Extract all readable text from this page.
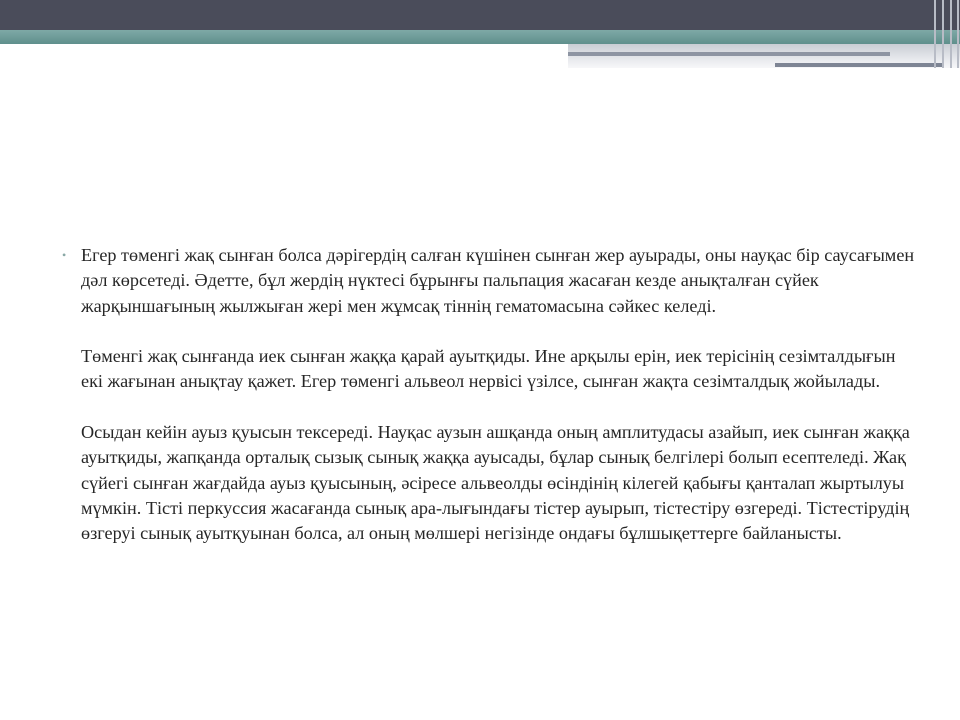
• Егер төменгі жақ сынған болса дәрігердің салған күшінен сынған жер ауырады, оны науқас бір саусағымен дәл көрсетеді. Әдетте, бұл жердің нүктесі бұрынғы пальпация жасаған кезде анықталған сүйек жарқыншағының жылжыған жері мен жұмсақ тіннің гематомасына сәйкес келеді.

Төменгі жақ сынғанда иек сынған жаққа қарай ауытқиды. Ине арқылы ерін, иек терісінің сезімталдығын екі жағынан анықтау қажет. Егер төменгі альвеол нервісі үзілсе, сынған жақта сезімталдық жойылады.

Осыдан кейін ауыз қуысын тексереді. Науқас аузын ашқанда оның амплитудасы азайып, иек сынған жаққа ауытқиды, жапқанда орталық сызық сынық жаққа ауысады, бұлар сынық белгілері болып есептеледі. Жақ сүйегі сынған жағдайда ауыз қуысының, әсіресе альвеолды өсіндінің кілегей қабығы қанталап жыртылуы мүмкін. Тісті перкуссия жасағанда сынық ара-лығындағы тістер ауырып, тістестіру өзгереді. Тістестірудің өзгеруі сынық ауытқуынан болса, ал оның мөлшері негізінде ондағы бұлшықеттерге байланысты.
